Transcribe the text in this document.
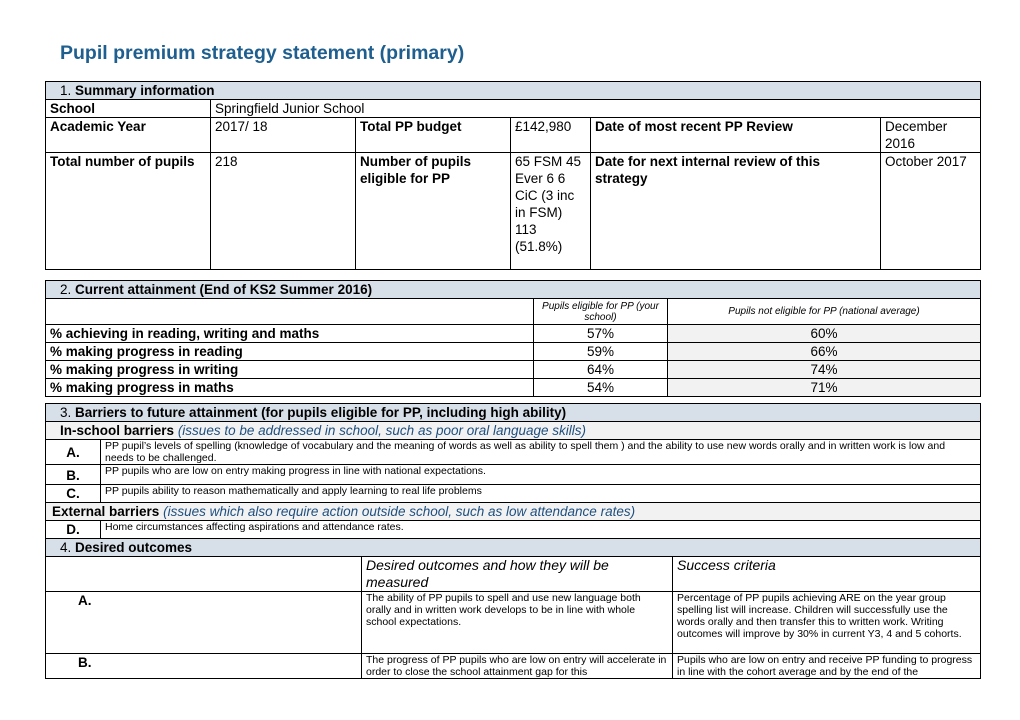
Pupil premium strategy statement (primary)
1. Summary information					
School	Springfield Junior School				
Academic Year	2017/ 18	Total PP budget	£142,980	Date of most recent PP Review	December 2016
Total number of pupils	218	Number of pupils eligible for PP	65 FSM 45 Ever 6 6 CiC (3 inc in FSM) 113 (51.8%)	Date for next internal review of this strategy	October 2017
2. Current attainment (End of KS2 Summer 2016)		
	Pupils eligible for PP (your school)	Pupils not eligible for PP (national average)
% achieving in reading, writing and maths	57%	60%
% making progress in reading	59%	66%
% making progress in writing	64%	74%
% making progress in maths	54%	71%
3. Barriers to future attainment (for pupils eligible for PP, including high ability)			
In-school barriers (issues to be addressed in school, such as poor oral language skills)			
A.	PP pupil’s levels of spelling (knowledge of vocabulary and the meaning of words as well as ability to spell them ) and the ability to use new words orally and in written work is low and needs to be challenged.		
B.	PP pupils who are low on entry making progress in line with national expectations.		
C.	PP pupils ability to reason mathematically and apply learning to real life problems		
External barriers (issues which also require action outside school, such as low attendance rates)			
D.	Home circumstances affecting aspirations and attendance rates.		
4. Desired outcomes			
		Desired outcomes and how they will be measured	Success criteria
A.		The ability of PP pupils to spell and use new language both orally and in written work develops to be in line with whole school expectations.	Percentage of PP pupils achieving ARE on the year group spelling list will increase. Children will successfully use the words orally and then transfer this to written work. Writing outcomes will improve by 30% in current Y3, 4 and 5 cohorts.
B.		The progress of PP pupils who are low on entry will accelerate in order to close the school attainment gap for this	Pupils who are low on entry and receive PP funding to progress in line with the cohort average and by the end of the
